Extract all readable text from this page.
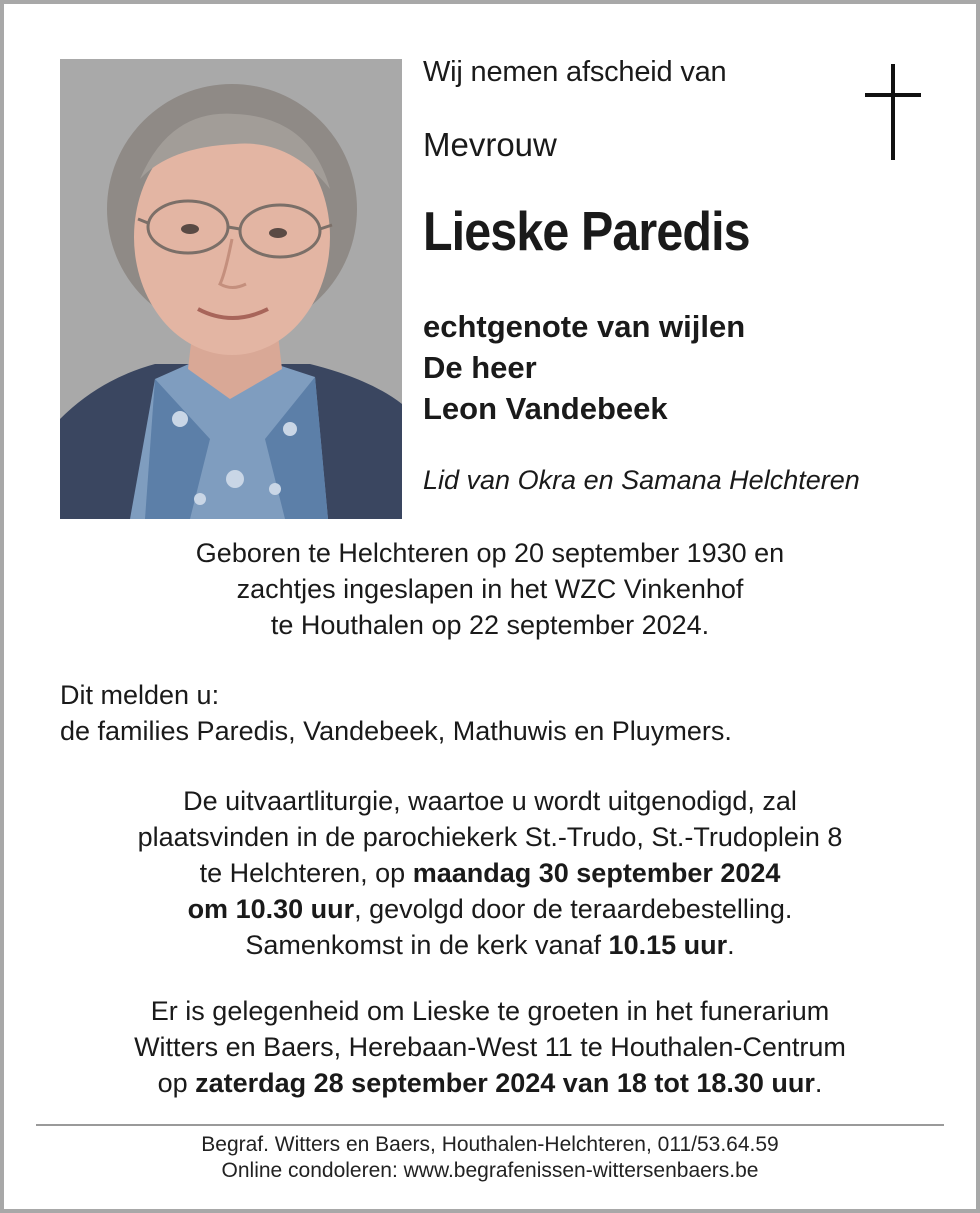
Wij nemen afscheid van
Mevrouw
Lieske Paredis
echtgenote van wijlen
De heer
Leon Vandebeek
Lid van Okra en Samana Helchteren
Geboren te Helchteren op 20 september 1930 en
zachtjes ingeslapen in het WZC Vinkenhof
te Houthalen op 22 september 2024.
Dit melden u:
de families Paredis, Vandebeek, Mathuwis en Pluymers.
De uitvaartliturgie, waartoe u wordt uitgenodigd, zal
plaatsvinden in de parochiekerk St.-Trudo, St.-Trudoplein 8
te Helchteren, op maandag 30 september 2024
om 10.30 uur, gevolgd door de teraardebestelling.
Samenkomst in de kerk vanaf 10.15 uur.
Er is gelegenheid om Lieske te groeten in het funerarium
Witters en Baers, Herebaan-West 11 te Houthalen-Centrum
op zaterdag 28 september 2024 van 18 tot 18.30 uur.
Begraf. Witters en Baers, Houthalen-Helchteren, 011/53.64.59
Online condoleren: www.begrafenissen-wittersenbaers.be
